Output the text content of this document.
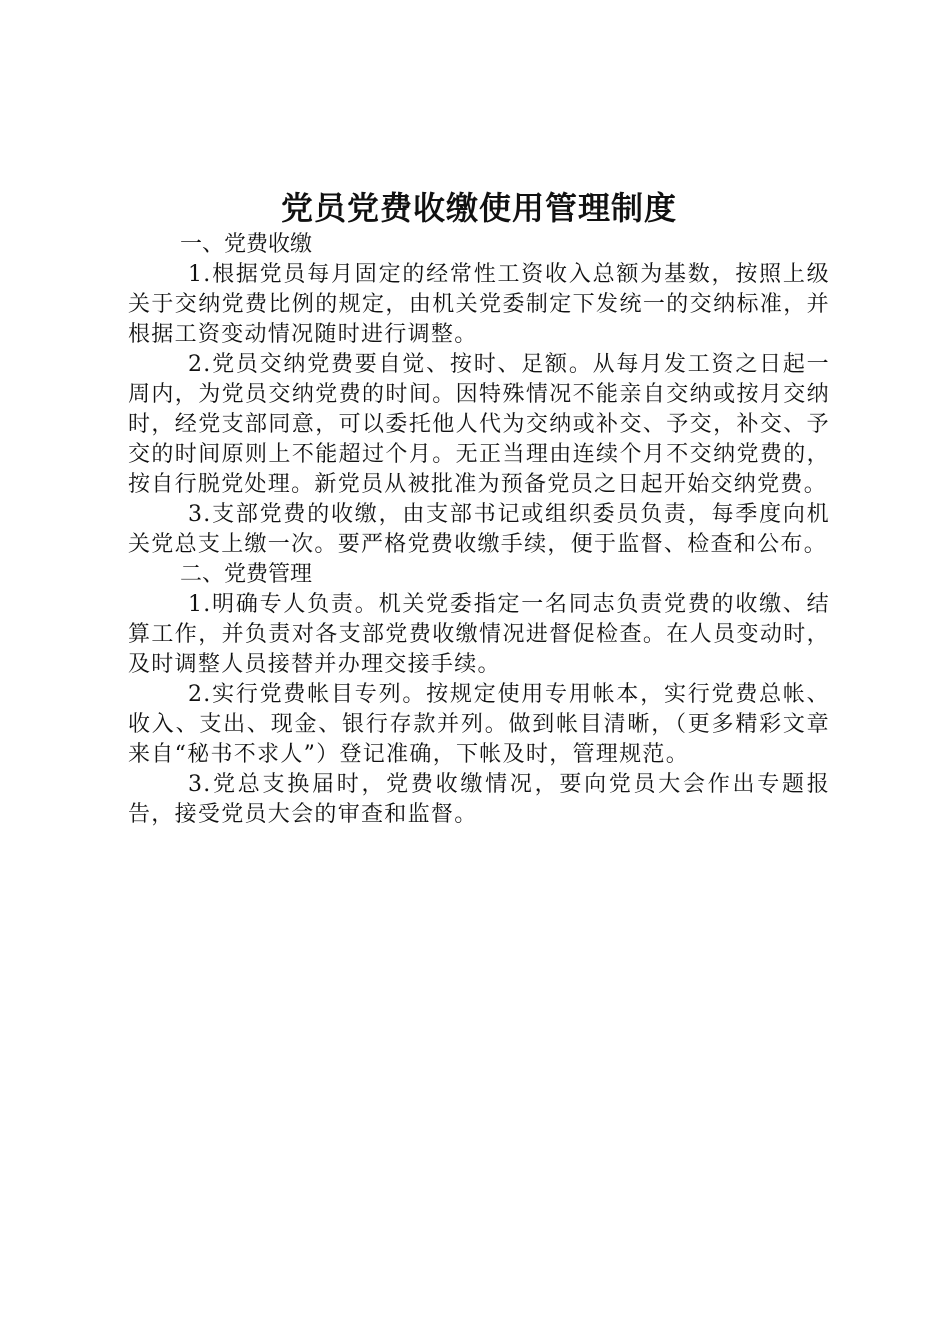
党员党费收缴使用管理制度

一、党费收缴

1.根据党员每月固定的经常性工资收入总额为基数，按照上级关于交纳党费比例的规定，由机关党委制定下发统一的交纳标准，并根据工资变动情况随时进行调整。

2.党员交纳党费要自觉、按时、足额。从每月发工资之日起一周内，为党员交纳党费的时间。因特殊情况不能亲自交纳或按月交纳时，经党支部同意，可以委托他人代为交纳或补交、予交，补交、予交的时间原则上不能超过个月。无正当理由连续个月不交纳党费的，按自行脱党处理。新党员从被批准为预备党员之日起开始交纳党费。

3.支部党费的收缴，由支部书记或组织委员负责，每季度向机关党总支上缴一次。要严格党费收缴手续，便于监督、检查和公布。

二、党费管理

1.明确专人负责。机关党委指定一名同志负责党费的收缴、结算工作，并负责对各支部党费收缴情况进督促检查。在人员变动时，及时调整人员接替并办理交接手续。

2.实行党费帐目专列。按规定使用专用帐本，实行党费总帐、收入、支出、现金、银行存款并列。做到帐目清晰，（更多精彩文章来自“秘书不求人”）登记准确，下帐及时，管理规范。

3.党总支换届时，党费收缴情况，要向党员大会作出专题报告，接受党员大会的审查和监督。
